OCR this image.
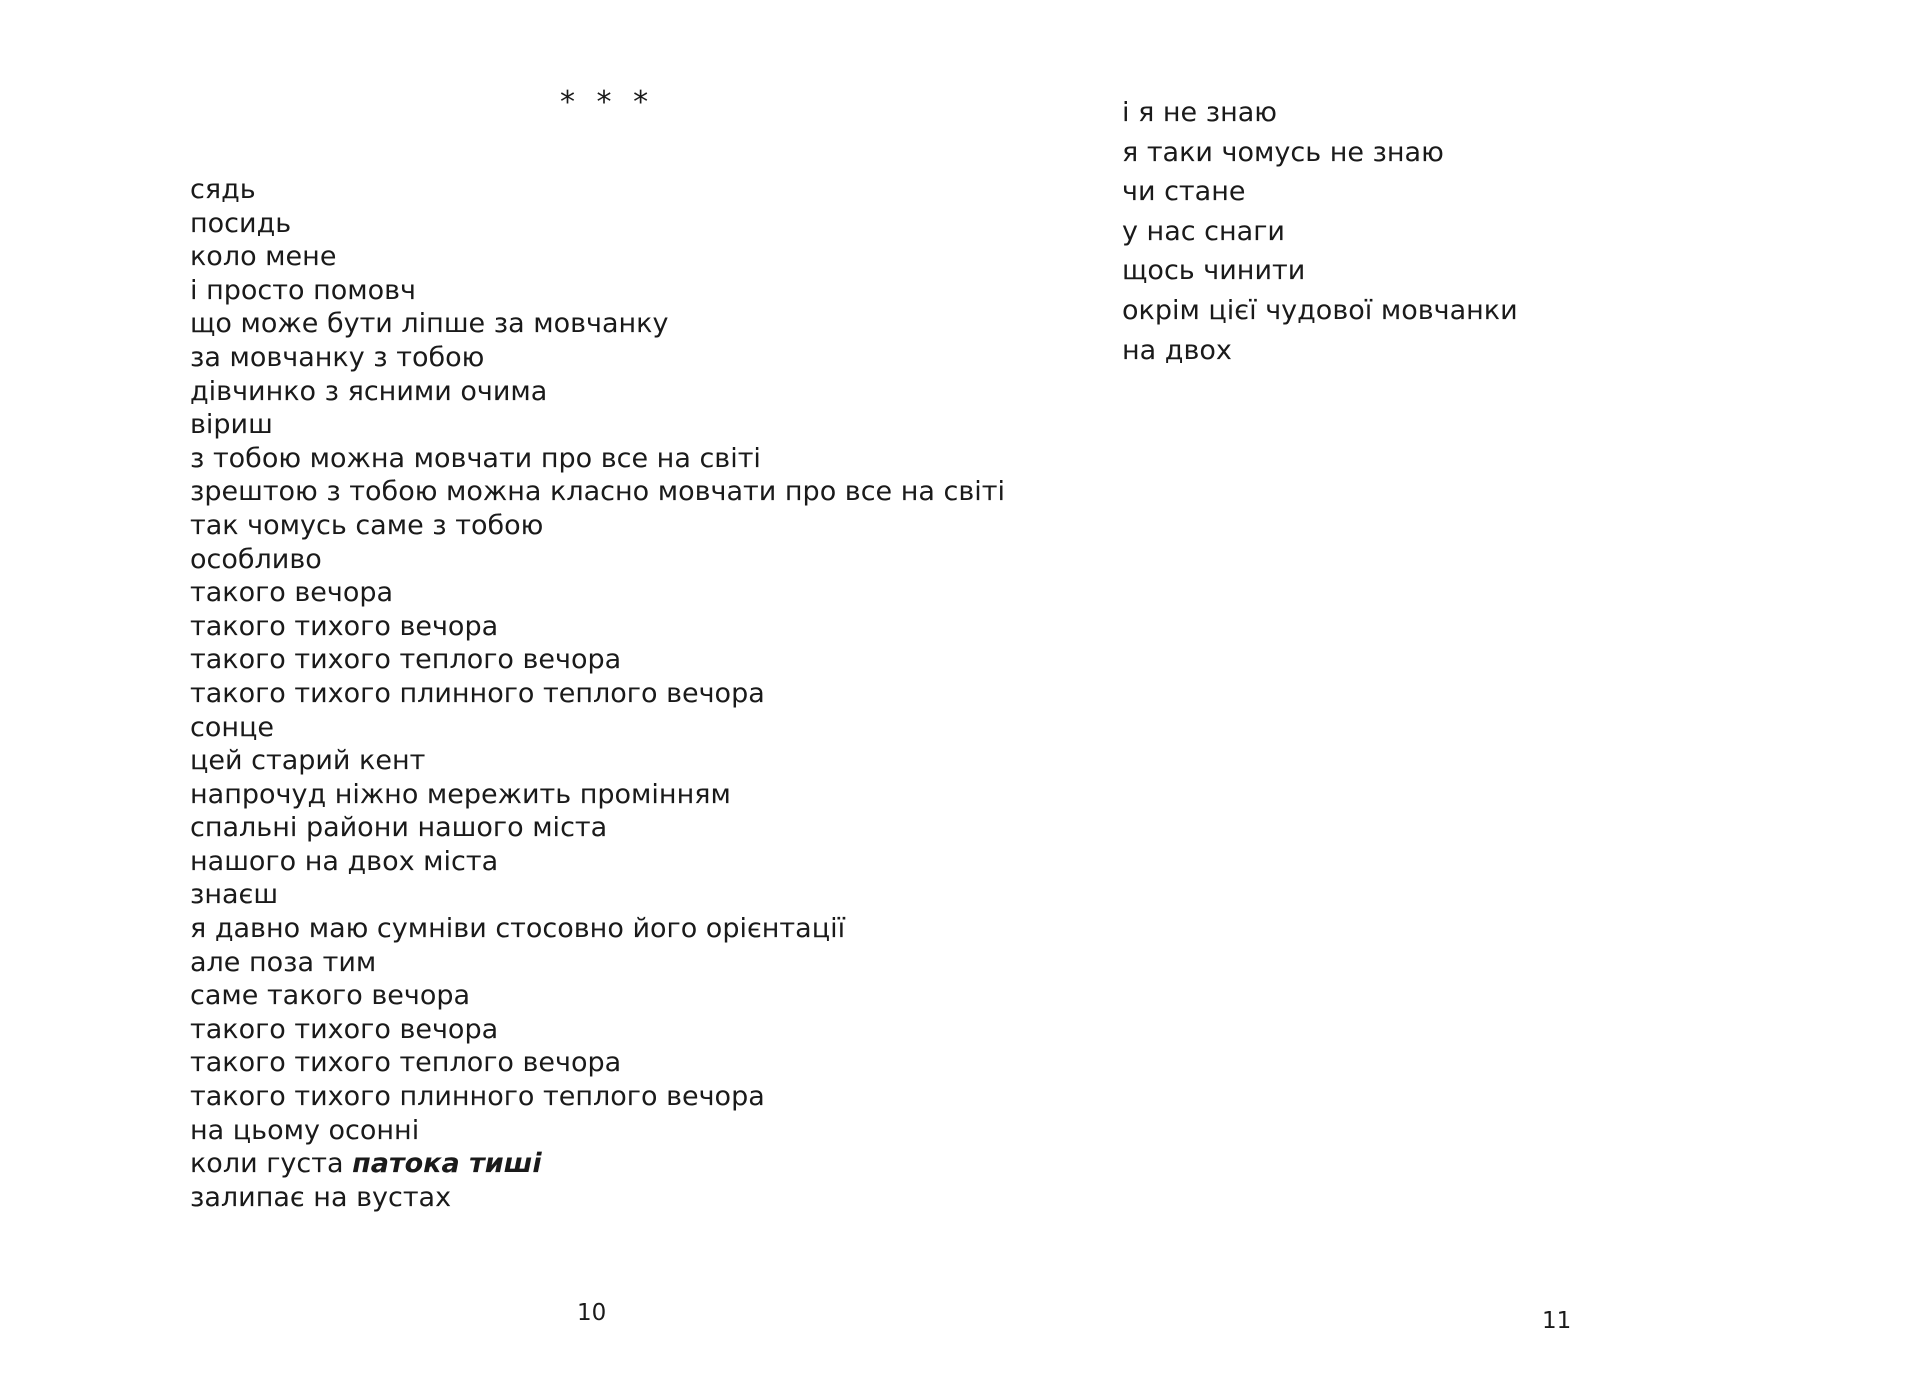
* * *
сядь
посидь
коло мене
і просто помовч
що може бути ліпше за мовчанку
за мовчанку з тобою
дівчинко з ясними очима
віриш
з тобою можна мовчати про все на світі
зрештою з тобою можна класно мовчати про все на світі
так чомусь саме з тобою
особливо
такого вечора
такого тихого вечора
такого тихого теплого вечора
такого тихого плинного теплого вечора
сонце
цей старий кент
напрочуд ніжно мережить промінням
спальні райони нашого міста
нашого на двох міста
знаєш
я давно маю сумніви стосовно його орієнтації
але поза тим
саме такого вечора
такого тихого вечора
такого тихого теплого вечора
такого тихого плинного теплого вечора
на цьому осонні
коли густа патока тиші
залипає на вустах
10
і я не знаю
я таки чомусь не знаю
чи стане
у нас снаги
щось чинити
окрім цієї чудової мовчанки
на двох
11
